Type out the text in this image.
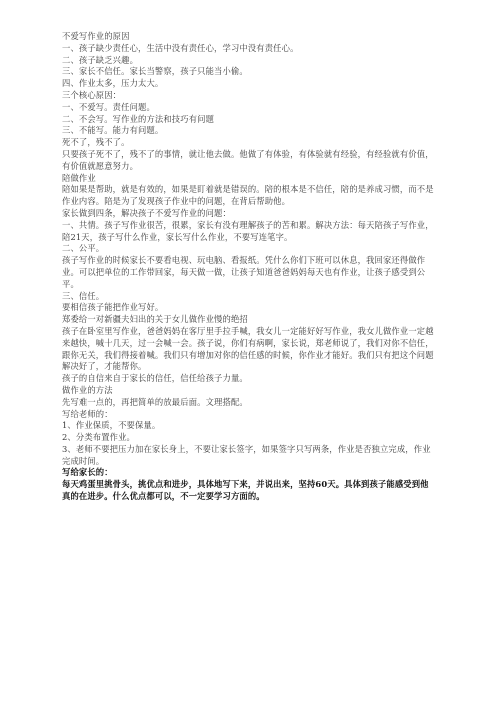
不爱写作业的原因

一、孩子缺少责任心，生活中没有责任心，学习中没有责任心。

二、孩子缺乏兴趣。

三、家长不信任。家长当警察，孩子只能当小偷。

四、作业太多，压力太大。

三个核心原因：

一、不爱写。责任问题。

二、不会写。写作业的方法和技巧有问题

三、不能写。能力有问题。

死不了，残不了。

只要孩子死不了，残不了的事情，就让他去做。他做了有体验，有体验就有经验，有经验就有价值，有价值就愿意努力。

陪做作业

陪如果是帮助，就是有效的，如果是盯着就是错误的。陪的根本是不信任，陪的是养成习惯，而不是作业内容。陪是为了发现孩子作业中的问题，在背后帮助他。

家长做到四条，解决孩子不爱写作业的问题：

一、共情。孩子写作业很苦，很累，家长有没有理解孩子的苦和累。解决方法：每天陪孩子写作业，陪21天，孩子写什么作业，家长写什么作业，不要写连笔字。

二、公平。

孩子写作业的时候家长不要看电视、玩电脑、看报纸。凭什么你们下班可以休息，我回家还得做作业。可以把单位的工作带回家，每天做一做，让孩子知道爸爸妈妈每天也有作业，让孩子感受到公平。

三、信任。

要相信孩子能把作业写好。

郑委给一对新疆夫妇出的关于女儿做作业慢的绝招

孩子在卧室里写作业，爸爸妈妈在客厅里手拉手喊，我女儿一定能好好写作业，我女儿做作业一定越来越快，喊十几天，过一会喊一会。孩子说，你们有病啊，家长说，郑老师说了，我们对你不信任，跟你无关，我们得接着喊。我们只有增加对你的信任感的时候，你作业才能好。我们只有把这个问题解决好了，才能帮你。

孩子的自信来自于家长的信任，信任给孩子力量。

做作业的方法

先写难一点的，再把简单的放最后面。文理搭配。

写给老师的：

1、作业保质，不要保量。

2、分类布置作业。

3、老师不要把压力加在家长身上，不要让家长签字，如果签字只写两条，作业是否独立完成，作业完成时间。

写给家长的：

每天鸡蛋里挑骨头，挑优点和进步，具体地写下来，并说出来，坚持60天。具体到孩子能感受到他真的在进步。什么优点都可以，不一定要学习方面的。
